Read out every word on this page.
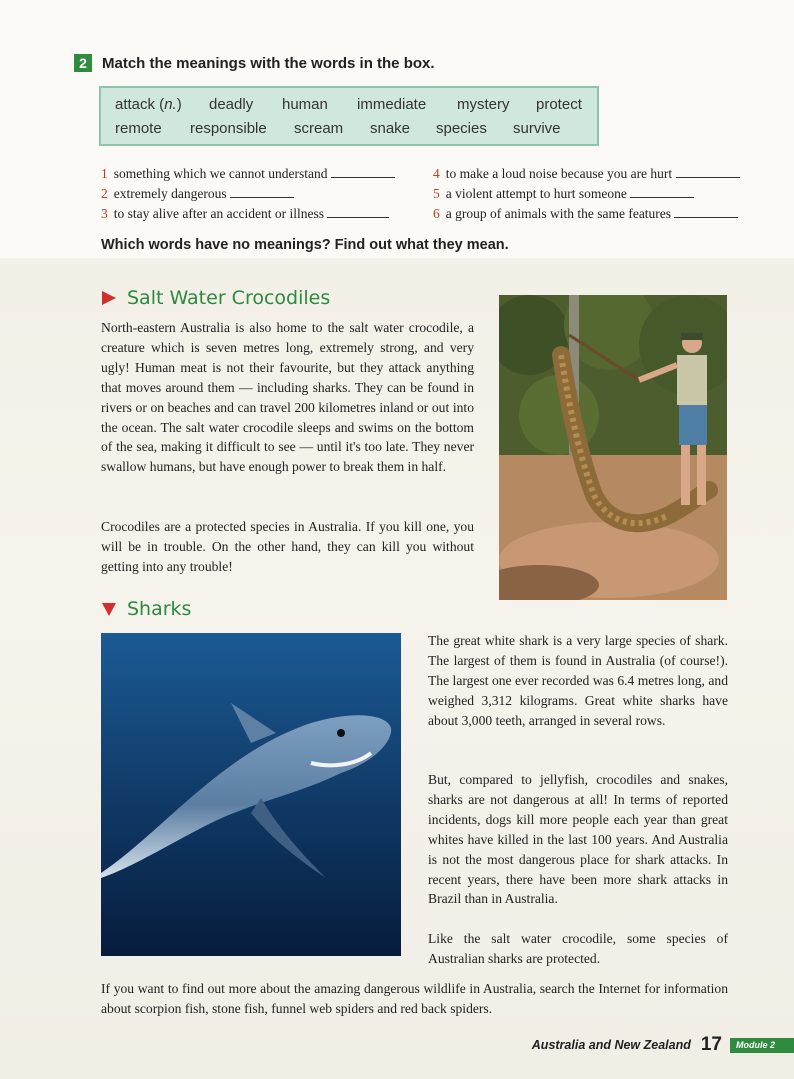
2	Match the meanings with the words in the box.
attack (n.) deadly human immediate mystery protect
remote responsible scream snake species survive
1 something which we cannot understand
2 extremely dangerous
3 to stay alive after an accident or illness
4 to make a loud noise because you are hurt
5 a violent attempt to hurt someone
6 a group of animals with the same features
Which words have no meanings? Find out what they mean.
Salt Water Crocodiles

North-eastern Australia is also home to the salt water crocodile, a creature which is seven metres long, extremely strong, and very ugly! Human meat is not their favourite, but they attack anything that moves around them — including sharks. They can be found in rivers or on beaches and can travel 200 kilometres inland or out into the ocean. The salt water crocodile sleeps and swims on the bottom of the sea, making it difficult to see — until it's too late. They never swallow humans, but have enough power to break them in half.

Crocodiles are a protected species in Australia. If you kill one, you will be in trouble. On the other hand, they can kill you without getting into any trouble!

Sharks

The great white shark is a very large species of shark. The largest of them is found in Australia (of course!). The largest one ever recorded was 6.4 metres long, and weighed 3,312 kilograms. Great white sharks have about 3,000 teeth, arranged in several rows.

But, compared to jellyfish, crocodiles and snakes, sharks are not dangerous at all! In terms of reported incidents, dogs kill more people each year than great whites have killed in the last 100 years. And Australia is not the most dangerous place for shark attacks. In recent years, there have been more shark attacks in Brazil than in Australia.

Like the salt water crocodile, some species of Australian sharks are protected.

If you want to find out more about the amazing dangerous wildlife in Australia, search the Internet for information about scorpion fish, stone fish, funnel web spiders and red back spiders.

Australia and New Zealand 17	Module 2
